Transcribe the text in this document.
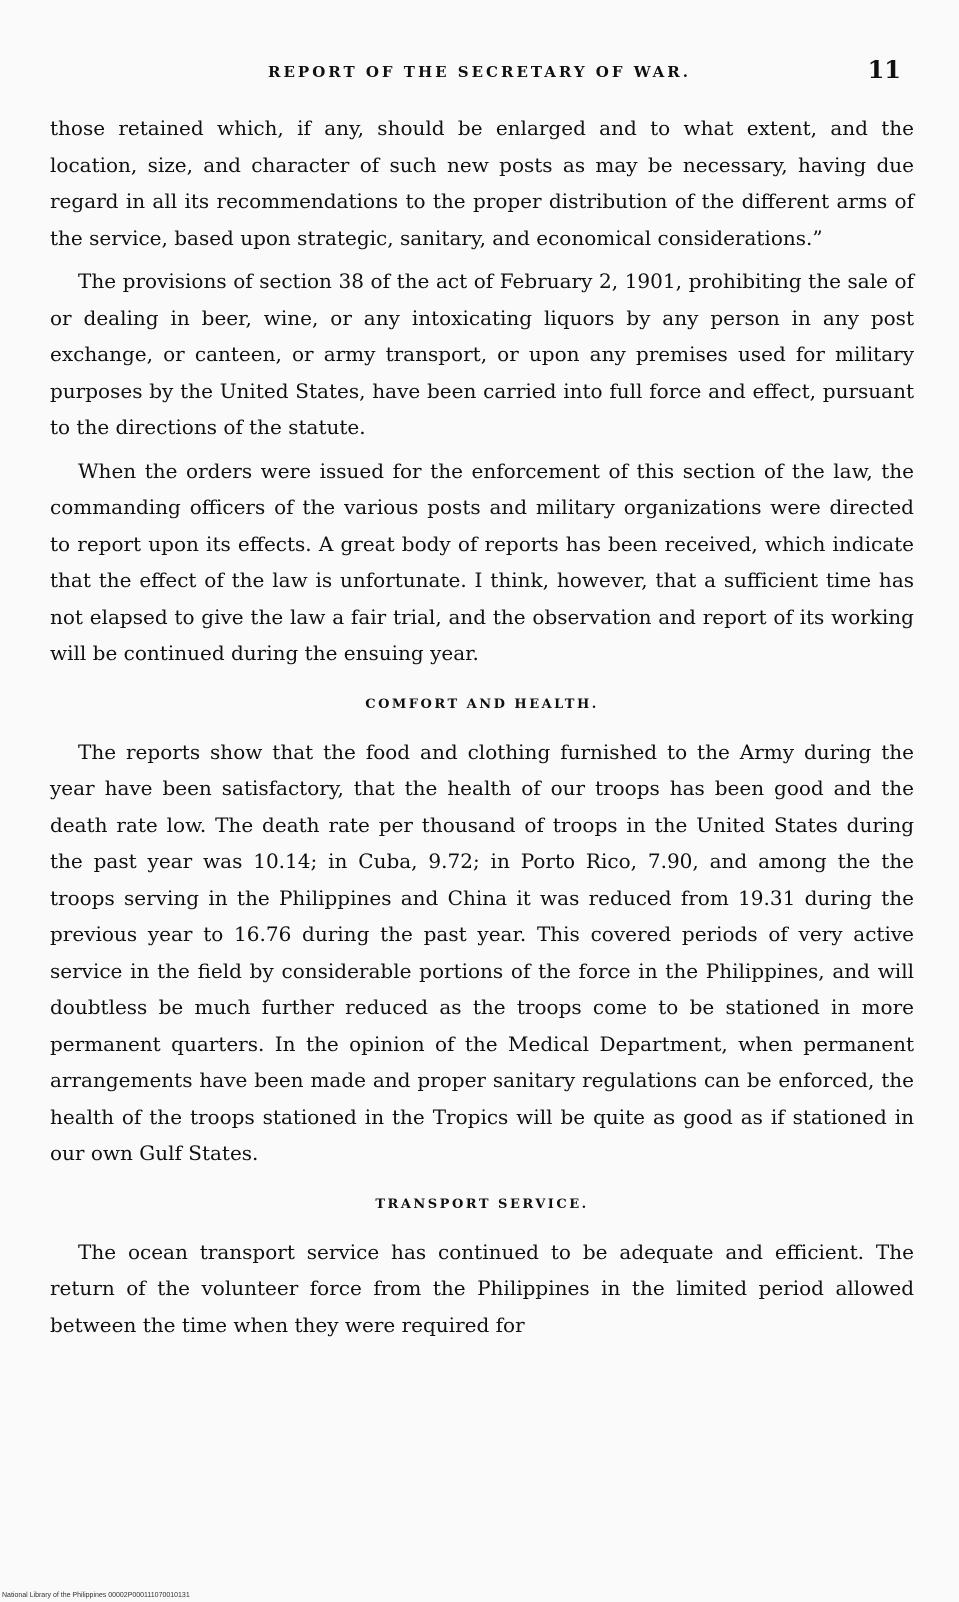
REPORT OF THE SECRETARY OF WAR.	11

those retained which, if any, should be enlarged and to what extent, and the location, size, and character of such new posts as may be necessary, having due regard in all its recommendations to the proper distribution of the different arms of the service, based upon strategic, sanitary, and economical considerations.”

The provisions of section 38 of the act of February 2, 1901, prohibiting the sale of or dealing in beer, wine, or any intoxicating liquors by any person in any post exchange, or canteen, or army transport, or upon any premises used for military purposes by the United States, have been carried into full force and effect, pursuant to the directions of the statute.

When the orders were issued for the enforcement of this section of the law, the commanding officers of the various posts and military organizations were directed to report upon its effects. A great body of reports has been received, which indicate that the effect of the law is unfortunate. I think, however, that a sufficient time has not elapsed to give the law a fair trial, and the observation and report of its working will be continued during the ensuing year.

COMFORT AND HEALTH.

The reports show that the food and clothing furnished to the Army during the year have been satisfactory, that the health of our troops has been good and the death rate low. The death rate per thousand of troops in the United States during the past year was 10.14; in Cuba, 9.72; in Porto Rico, 7.90, and among the the troops serving in the Philippines and China it was reduced from 19.31 during the previous year to 16.76 during the past year. This covered periods of very active service in the field by considerable portions of the force in the Philippines, and will doubtless be much further reduced as the troops come to be stationed in more permanent quarters. In the opinion of the Medical Department, when permanent arrangements have been made and proper sanitary regulations can be enforced, the health of the troops stationed in the Tropics will be quite as good as if stationed in our own Gulf States.

TRANSPORT SERVICE.

The ocean transport service has continued to be adequate and efficient. The return of the volunteer force from the Philippines in the limited period allowed between the time when they were required for

National Library of the Philippines 00002P000111070010131
